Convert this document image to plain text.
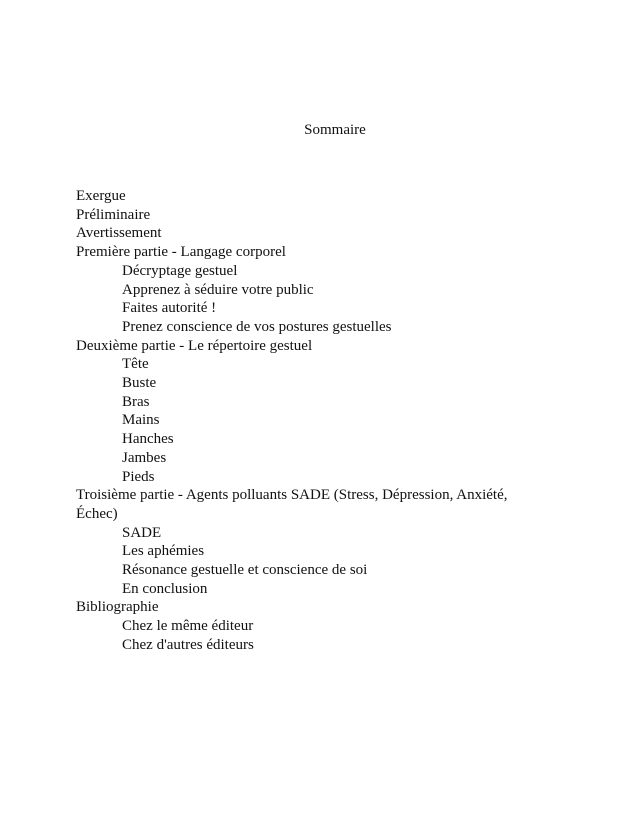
Sommaire
Exergue
Préliminaire
Avertissement
Première partie - Langage corporel
Décryptage gestuel
Apprenez à séduire votre public
Faites autorité !
Prenez conscience de vos postures gestuelles
Deuxième partie - Le répertoire gestuel
Tête
Buste
Bras
Mains
Hanches
Jambes
Pieds
Troisième partie - Agents polluants SADE (Stress, Dépression, Anxiété, Échec)
SADE
Les aphémies
Résonance gestuelle et conscience de soi
En conclusion
Bibliographie
Chez le même éditeur
Chez d'autres éditeurs
